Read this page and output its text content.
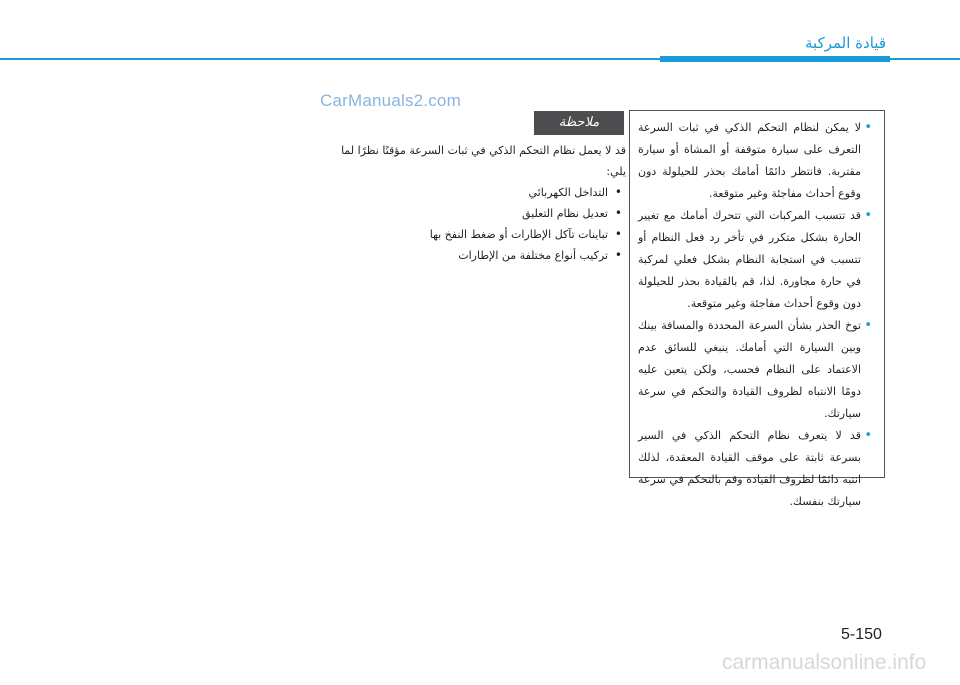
قيادة المركبة
CarManuals2.com
• لا يمكن لنظام التحكم الذكي في ثبات السرعة التعرف على سيارة متوقفة أو المشاة أو سيارة مقتربة. فانتظر دائمًا أمامك بحذر للحيلولة دون وقوع أحداث مفاجئة وغير متوقعة.
• قد تتسبب المركبات التي تتحرك أمامك مع تغيير الحارة بشكل متكرر في تأخر رد فعل النظام أو تتسبب في استجابة النظام بشكل فعلي لمركبة في حارة مجاورة. لذا، قم بالقيادة بحذر للحيلولة دون وقوع أحداث مفاجئة وغير متوقعة.
• توخ الحذر بشأن السرعة المحددة والمسافة بينك وبين السيارة التي أمامك. ينبغي للسائق عدم الاعتماد على النظام فحسب، ولكن يتعين عليه دومًا الانتباه لظروف القيادة والتحكم في سرعة سيارتك.
• قد لا يتعرف نظام التحكم الذكي في السير بسرعة ثابتة على موقف القيادة المعقدة، لذلك انتبه دائمًا لظروف القيادة وقم بالتحكم في سرعة سيارتك بنفسك.
ملاحظة

قد لا يعمل نظام التحكم الذكي في ثبات السرعة مؤقتًا نظرًا لما يلي:

• التداخل الكهربائي
• تعديل نظام التعليق
• تباينات تآكل الإطارات أو ضغط النفخ بها
• تركيب أنواع مختلفة من الإطارات
5-150
carmanualsonline.info
